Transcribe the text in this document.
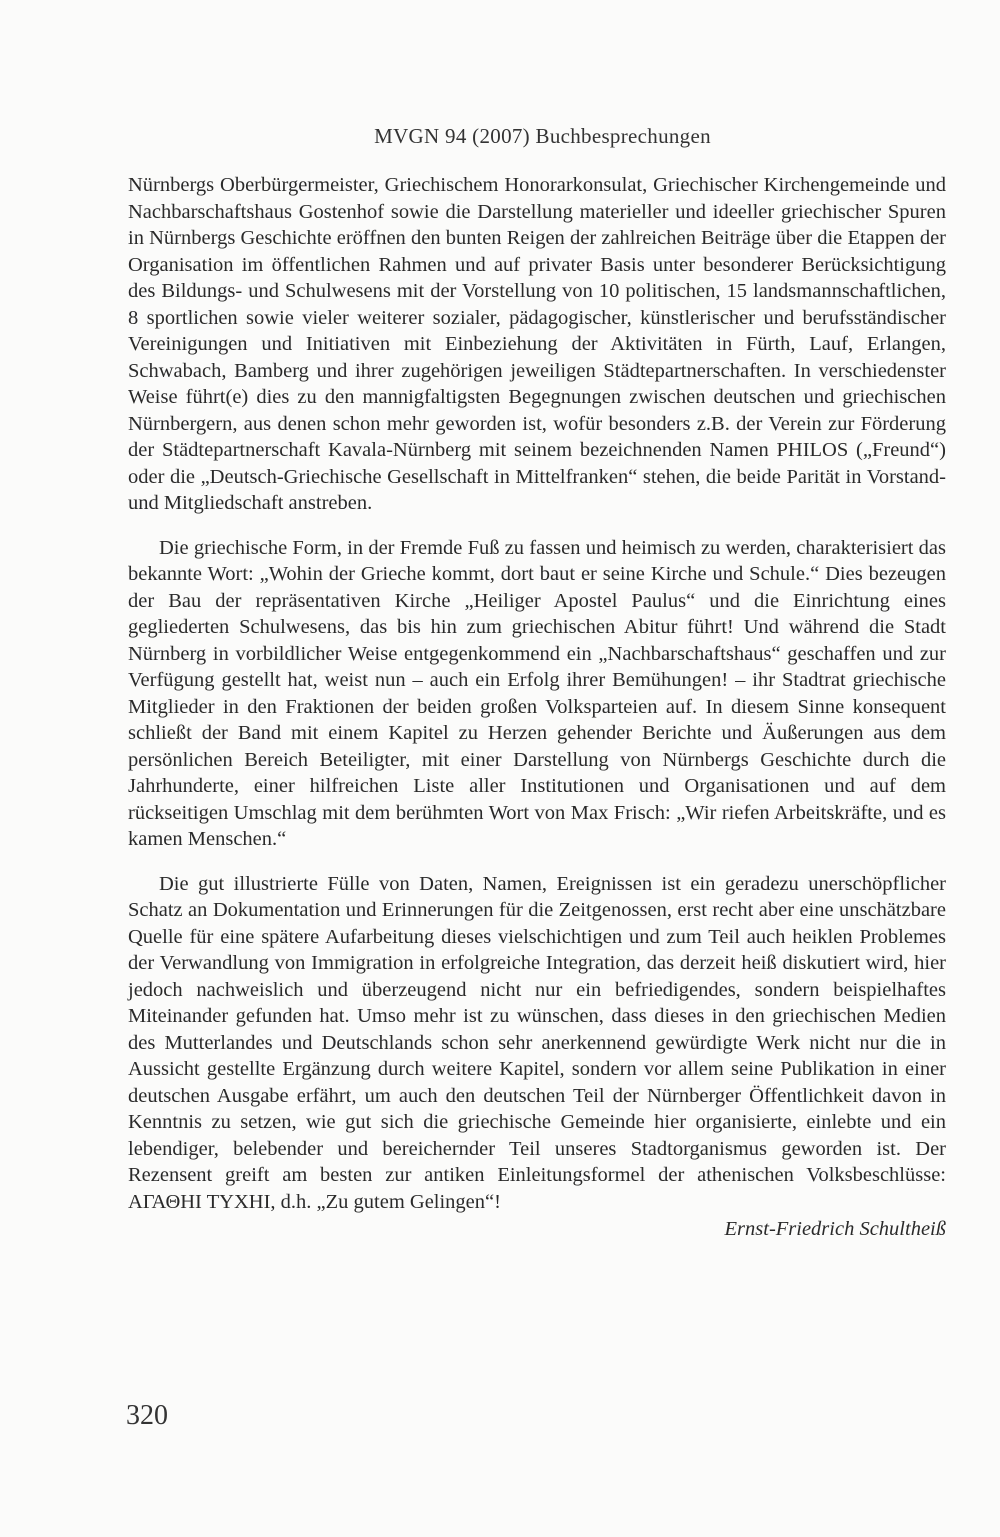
MVGN 94 (2007) Buchbesprechungen

Nürnbergs Oberbürgermeister, Griechischem Honorarkonsulat, Griechischer Kirchengemeinde und Nachbarschaftshaus Gostenhof sowie die Darstellung materieller und ideeller griechischer Spuren in Nürnbergs Geschichte eröffnen den bunten Reigen der zahlreichen Beiträge über die Etappen der Organisation im öffentlichen Rahmen und auf privater Basis unter besonderer Berücksichtigung des Bildungs- und Schulwesens mit der Vorstellung von 10 politischen, 15 landsmannschaftlichen, 8 sportlichen sowie vieler weiterer sozialer, pädagogischer, künstlerischer und berufsständischer Vereinigungen und Initiativen mit Einbeziehung der Aktivitäten in Fürth, Lauf, Erlangen, Schwabach, Bamberg und ihrer zugehörigen jeweiligen Städtepartnerschaften. In verschiedenster Weise führt(e) dies zu den mannigfaltigsten Begegnungen zwischen deutschen und griechischen Nürnbergern, aus denen schon mehr geworden ist, wofür besonders z.B. der Verein zur Förderung der Städtepartnerschaft Kavala-Nürnberg mit seinem bezeichnenden Namen PHILOS („Freund“) oder die „Deutsch-Griechische Gesellschaft in Mittelfranken“ stehen, die beide Parität in Vorstand- und Mitgliedschaft anstreben.

Die griechische Form, in der Fremde Fuß zu fassen und heimisch zu werden, charakterisiert das bekannte Wort: „Wohin der Grieche kommt, dort baut er seine Kirche und Schule.“ Dies bezeugen der Bau der repräsentativen Kirche „Heiliger Apostel Paulus“ und die Einrichtung eines gegliederten Schulwesens, das bis hin zum griechischen Abitur führt! Und während die Stadt Nürnberg in vorbildlicher Weise entgegenkommend ein „Nachbarschaftshaus“ geschaffen und zur Verfügung gestellt hat, weist nun – auch ein Erfolg ihrer Bemühungen! – ihr Stadtrat griechische Mitglieder in den Fraktionen der beiden großen Volksparteien auf. In diesem Sinne konsequent schließt der Band mit einem Kapitel zu Herzen gehender Berichte und Äußerungen aus dem persönlichen Bereich Beteiligter, mit einer Darstellung von Nürnbergs Geschichte durch die Jahrhunderte, einer hilfreichen Liste aller Institutionen und Organisationen und auf dem rückseitigen Umschlag mit dem berühmten Wort von Max Frisch: „Wir riefen Arbeitskräfte, und es kamen Menschen.“

Die gut illustrierte Fülle von Daten, Namen, Ereignissen ist ein geradezu unerschöpflicher Schatz an Dokumentation und Erinnerungen für die Zeitgenossen, erst recht aber eine unschätzbare Quelle für eine spätere Aufarbeitung dieses vielschichtigen und zum Teil auch heiklen Problemes der Verwandlung von Immigration in erfolgreiche Integration, das derzeit heiß diskutiert wird, hier jedoch nachweislich und überzeugend nicht nur ein befriedigendes, sondern beispielhaftes Miteinander gefunden hat. Umso mehr ist zu wünschen, dass dieses in den griechischen Medien des Mutterlandes und Deutschlands schon sehr anerkennend gewürdigte Werk nicht nur die in Aussicht gestellte Ergänzung durch weitere Kapitel, sondern vor allem seine Publikation in einer deutschen Ausgabe erfährt, um auch den deutschen Teil der Nürnberger Öffentlichkeit davon in Kenntnis zu setzen, wie gut sich die griechische Gemeinde hier organisierte, einlebte und ein lebendiger, belebender und bereichernder Teil unseres Stadtorganismus geworden ist. Der Rezensent greift am besten zur antiken Einleitungsformel der athenischen Volksbeschlüsse: ΑΓΑΘΗΙ ΤΥΧΗΙ, d.h. „Zu gutem Gelingen“!

Ernst-Friedrich Schultheiß
320
